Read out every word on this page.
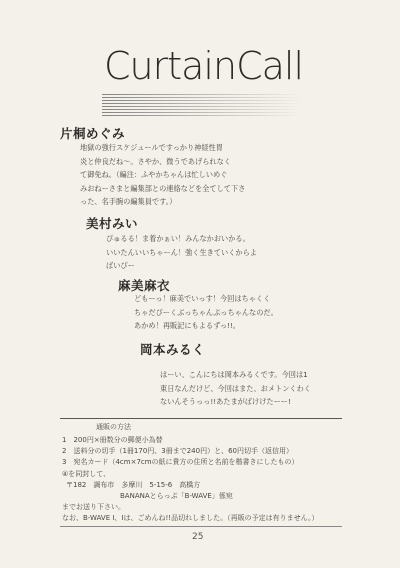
CurtainCall
片桐めぐみ
地獄の強行スケジュールですっかり神経性胃
炎と仲良だね〜。さやか、微うであげられなく
て御免ね。（編注：ふやかちゃんは忙しいめぐ
みおねーさまと編集部との連絡などを全てして下さ
った、名手腕の編集員です。）
美村みい
ぴゅるる！ま着かぁい！みんなかおいかる。
いいたんいいちゃーん！強く生きていくからよ
ばいぴー
麻美麻衣
どもーっ！麻美でいっす！今回はちゃくく
ちゃだぴーくぶっちゃんぷっちゃんなのだ。
あかめ！再販記にもよるずっ!!。
岡本みるく
はーい、こんにちは岡本みるくです。今回は1
東日なんだけど、今回はまた、おメトンくわく
ないんそうっっ!!あたまがばけけたーー!
通販の方法
1　200円×冊数分の郵便小為替
2　送料分の切手（1冊170円、3冊まで240円）と、60円切手（返信用）
3　宛名カード（4cm×7cmの紙に貴方の住所と名前を楷書きにしたもの）
④を同封して、
〒182　調布市　多摩川　5-15-6　高橋方
BANANAとらっぷ「B-WAVE」係宛
までお送り下さい。
なお、B-WAVE I、Iは、ごめんね!!品切れしました。（再販の予定は有りません。）
25
